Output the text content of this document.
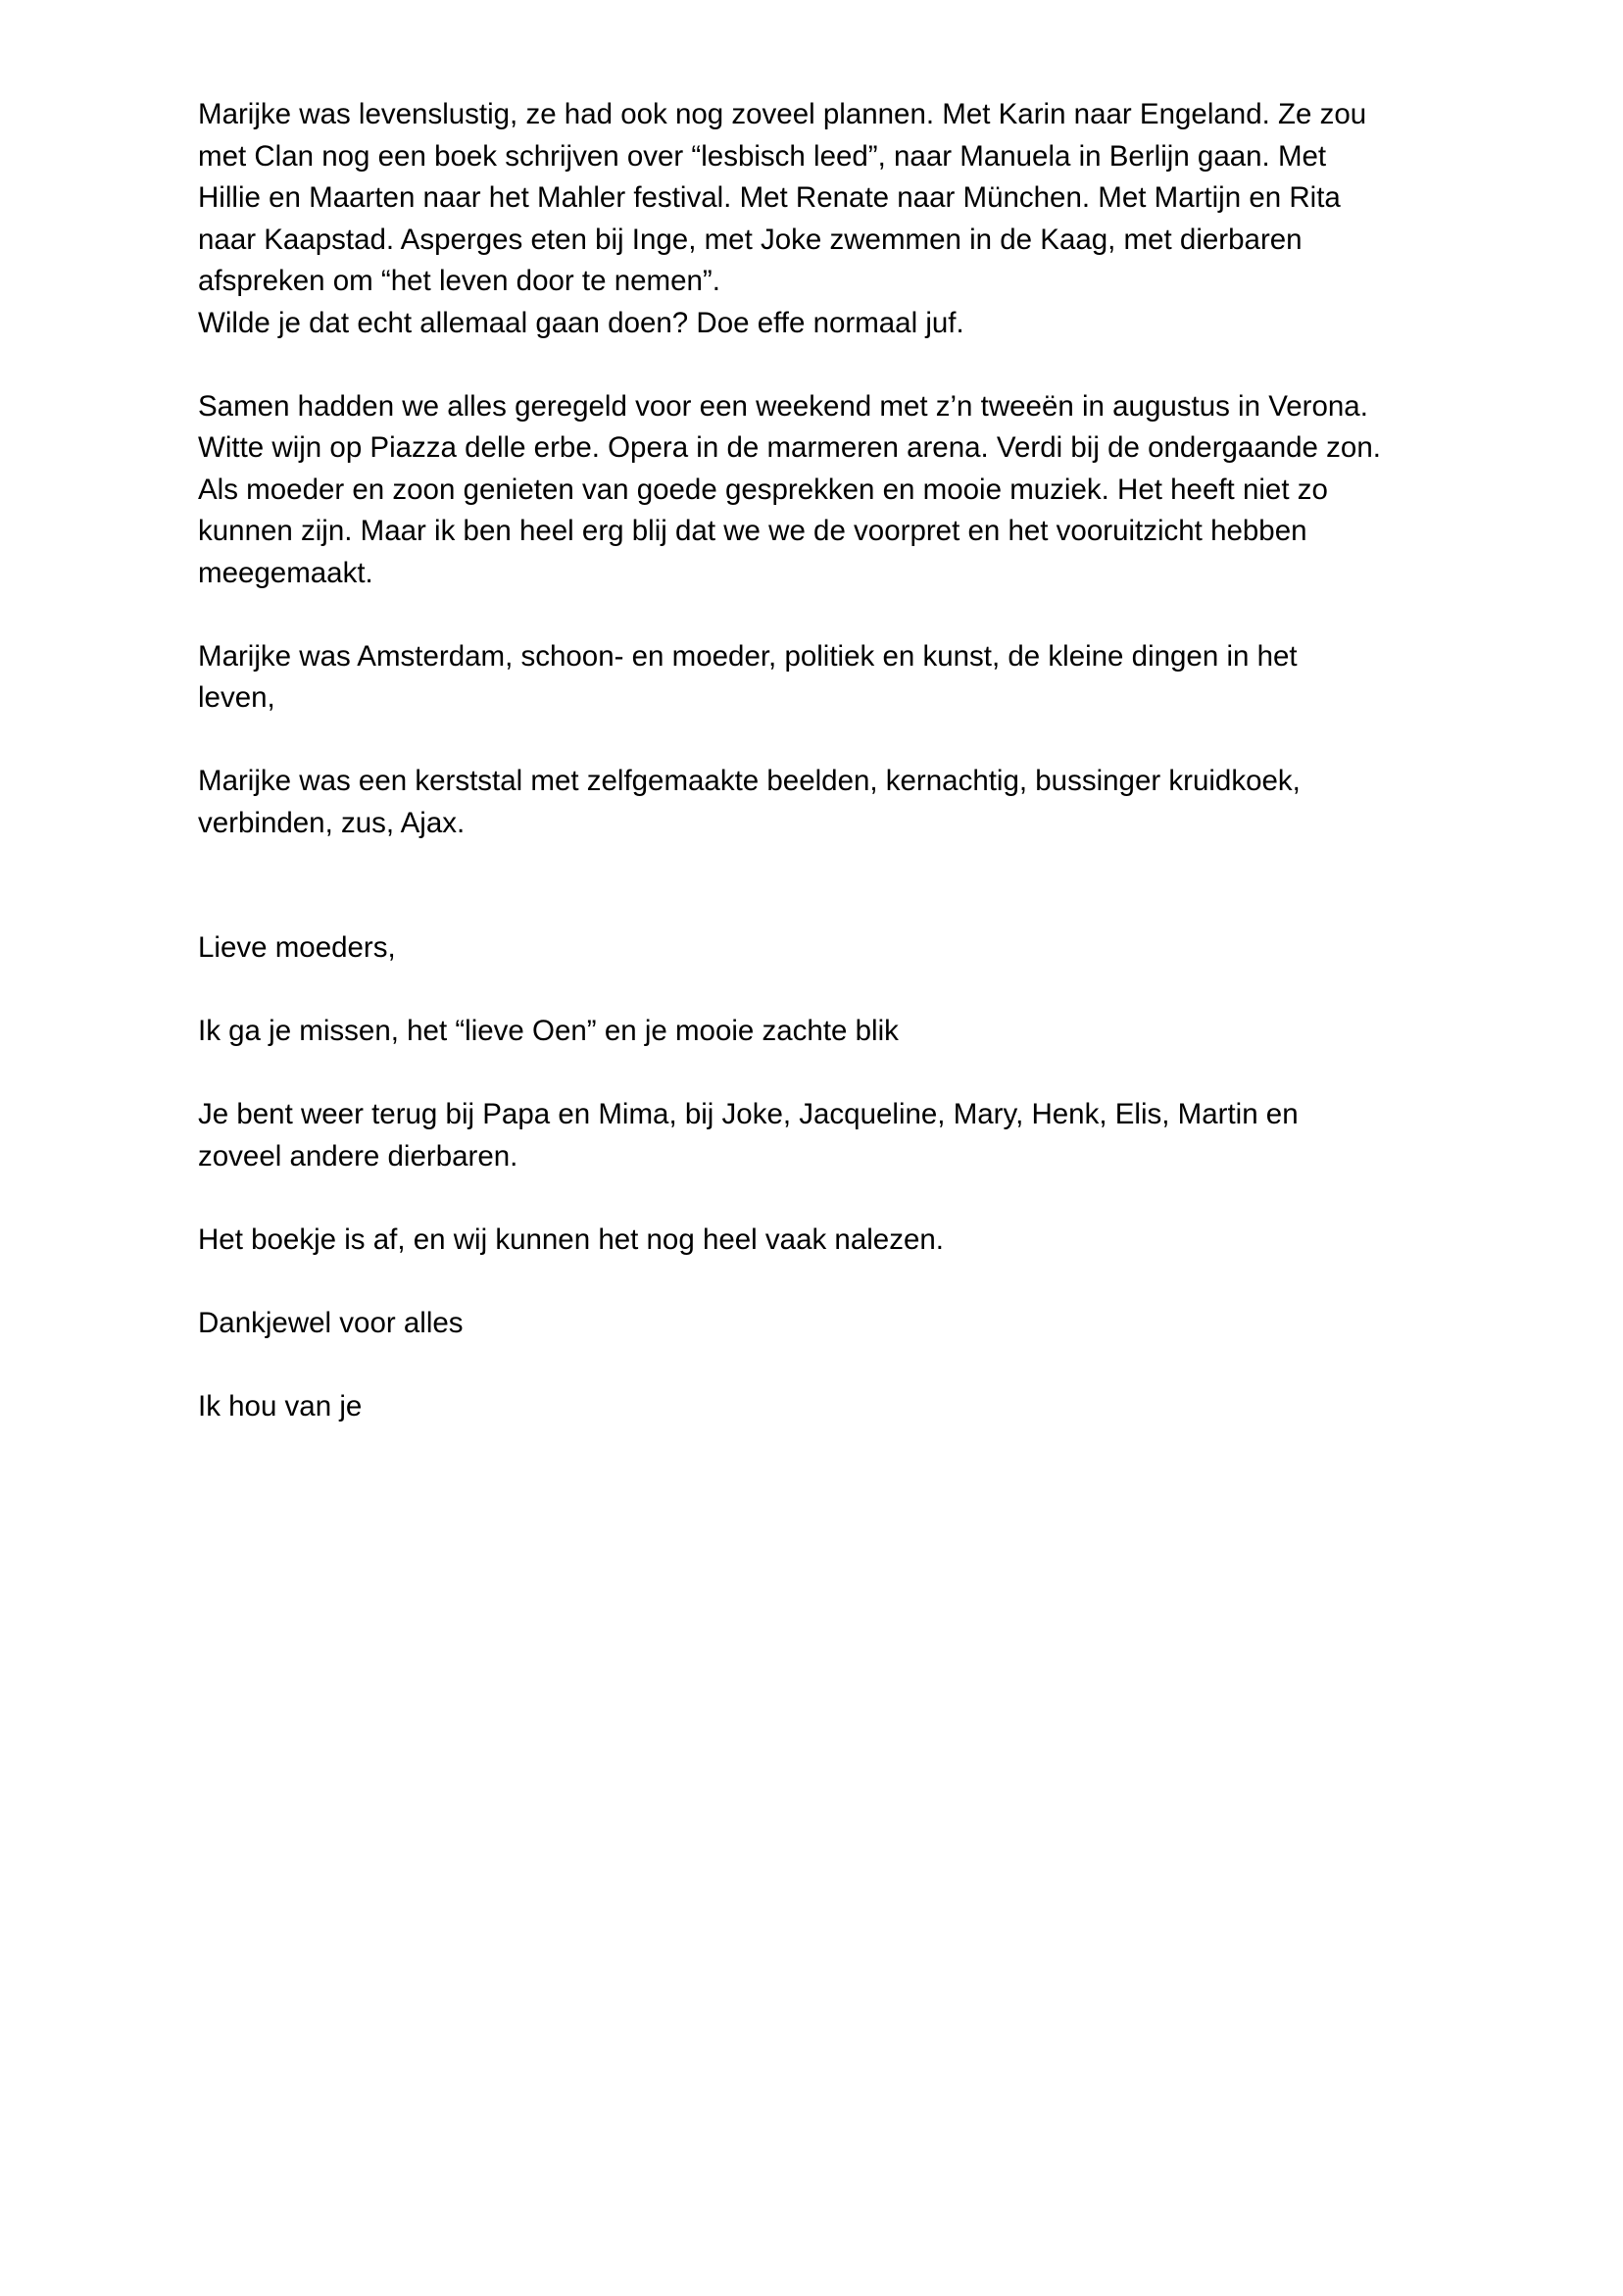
Marijke was levenslustig, ze had ook nog zoveel plannen. Met Karin naar Engeland. Ze zou
met Clan nog een boek schrijven over “lesbisch leed”, naar Manuela in Berlijn gaan. Met
Hillie en Maarten naar het Mahler festival. Met Renate naar München. Met Martijn en Rita
naar Kaapstad. Asperges eten bij Inge, met Joke zwemmen in de Kaag, met dierbaren
afspreken om “het leven door te nemen”.
Wilde je dat echt allemaal gaan doen? Doe effe normaal juf.

Samen hadden we alles geregeld voor een weekend met z’n tweeën in augustus in Verona.
Witte wijn op Piazza delle erbe. Opera in de marmeren arena. Verdi bij de ondergaande zon.
Als moeder en zoon genieten van goede gesprekken en mooie muziek. Het heeft niet zo
kunnen zijn. Maar ik ben heel erg blij dat we we de voorpret en het vooruitzicht hebben
meegemaakt.

Marijke was Amsterdam, schoon- en moeder, politiek en kunst, de kleine dingen in het
leven,

Marijke was een kerststal met zelfgemaakte beelden, kernachtig, bussinger kruidkoek,
verbinden, zus, Ajax.

Lieve moeders,

Ik ga je missen, het “lieve Oen” en je mooie zachte blik

Je bent weer terug bij Papa en Mima, bij Joke, Jacqueline, Mary, Henk, Elis, Martin en
zoveel andere dierbaren.

Het boekje is af, en wij kunnen het nog heel vaak nalezen.

Dankjewel voor alles

Ik hou van je
